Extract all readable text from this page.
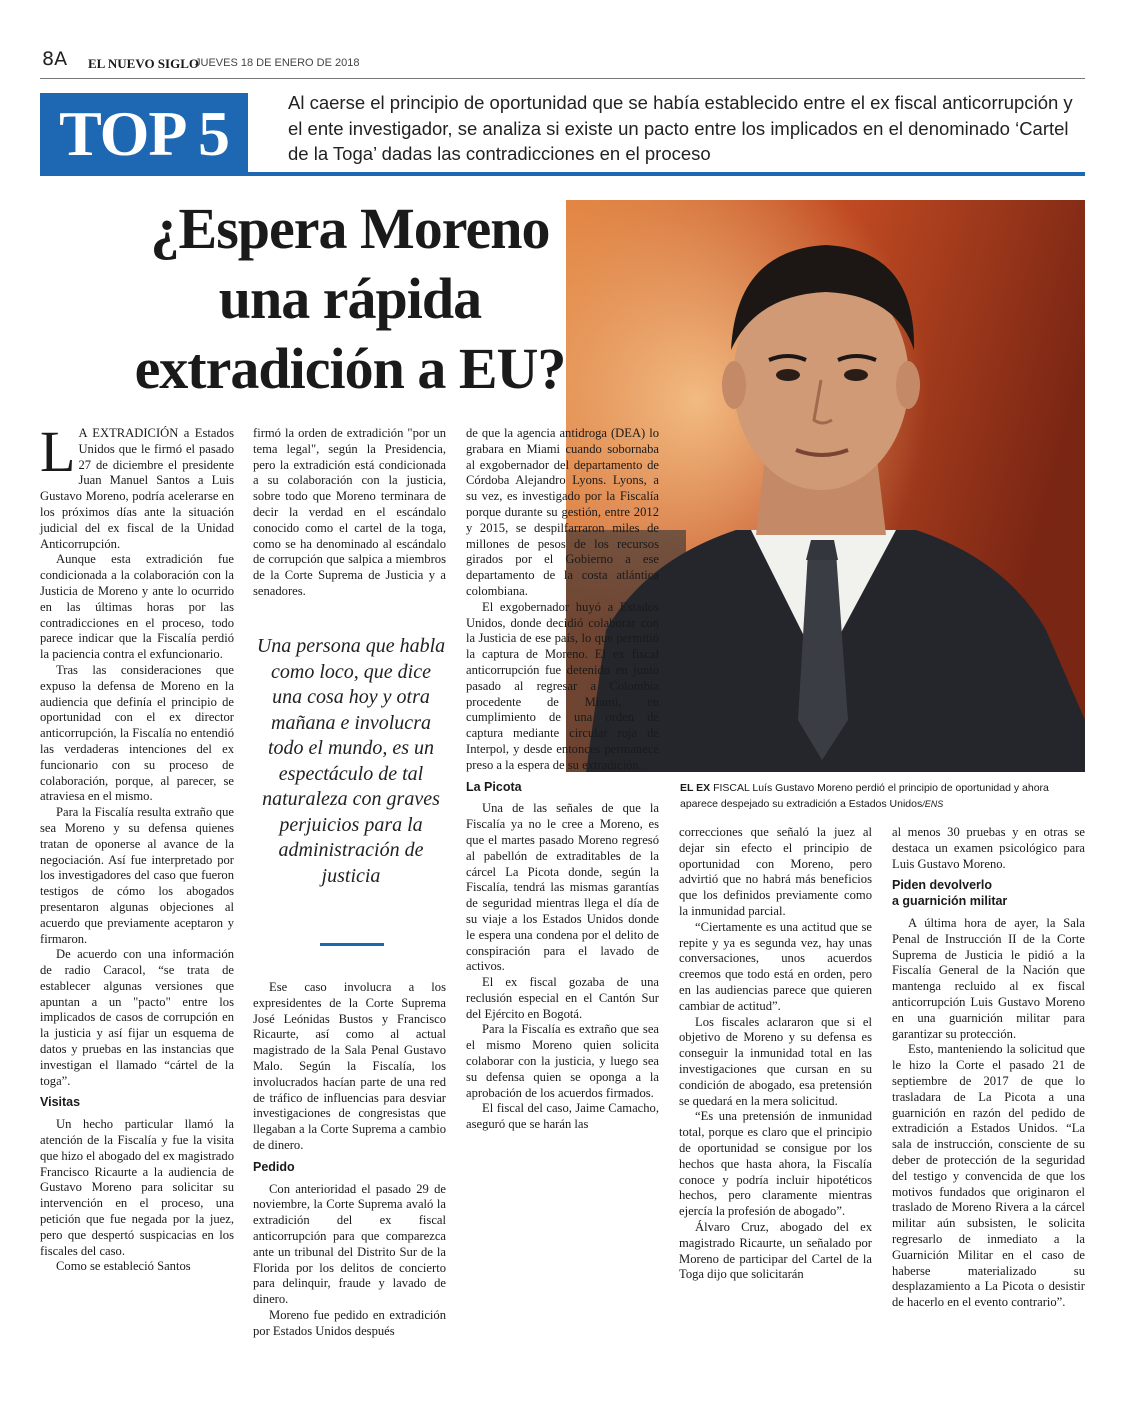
8A EL NUEVO SIGLO
JUEVES 18 DE ENERO DE 2018
TOP 5	Al caerse el principio de oportunidad que se había establecido entre el ex fiscal anticorrupción y el ente investigador, se analiza si existe un pacto entre los implicados en el denominado ‘Cartel de la Toga’ dadas las contradicciones en el proceso
¿Espera Moreno
una rápida
extradición a EU?
EL EX FISCAL Luís Gustavo Moreno perdió el principio de oportunidad y ahora aparece despejado su extradición a Estados Unidos/ENS

L A EXTRADICIÓN a Estados Unidos que le firmó el pasado 27 de diciembre el presidente Juan Manuel Santos a Luis Gustavo Moreno, podría acelerarse en los próximos días ante la situación judicial del ex fiscal de la Unidad Anticorrupción.

Aunque esta extradición fue condicionada a la colaboración con la Justicia de Moreno y ante lo ocurrido en las últimas horas por las contradicciones en el proceso, todo parece indicar que la Fiscalía perdió la paciencia contra el exfuncionario.

Tras las consideraciones que expuso la defensa de Moreno en la audiencia que definía el principio de oportunidad con el ex director anticorrupción, la Fiscalía no entendió las verdaderas intenciones del ex funcionario con su proceso de colaboración, porque, al parecer, se atraviesa en el mismo.

Para la Fiscalía resulta extraño que sea Moreno y su defensa quienes tratan de oponerse al avance de la negociación. Así fue interpretado por los investigadores del caso que fueron testigos de cómo los abogados presentaron algunas objeciones al acuerdo que previamente aceptaron y firmaron.

De acuerdo con una información de radio Caracol, “se trata de establecer algunas versiones que apuntan a un "pacto" entre los implicados de casos de corrupción en la justicia y así fijar un esquema de datos y pruebas en las instancias que investigan el llamado “cártel de la toga”.

Visitas

Un hecho particular llamó la atención de la Fiscalía y fue la visita que hizo el abogado del ex magistrado Francisco Ricaurte a la audiencia de Gustavo Moreno para solicitar su intervención en el proceso, una petición que fue negada por la juez, pero que despertó suspicacias en los fiscales del caso.

Como se estableció Santos

firmó la orden de extradición "por un tema legal", según la Presidencia, pero la extradición está condicionada a su colaboración con la justicia, sobre todo que Moreno terminara de decir la verdad en el escándalo conocido como el cartel de la toga, como se ha denominado al escándalo de corrupción que salpica a miembros de la Corte Suprema de Justicia y a senadores.

Una persona que habla como loco, que dice una cosa hoy y otra mañana e involucra todo el mundo, es un espectáculo de tal naturaleza con graves perjuicios para la administración de justicia

Ese caso involucra a los expresidentes de la Corte Suprema José Leónidas Bustos y Francisco Ricaurte, así como al actual magistrado de la Sala Penal Gustavo Malo. Según la Fiscalía, los involucrados hacían parte de una red de tráfico de influencias para desviar investigaciones de congresistas que llegaban a la Corte Suprema a cambio de dinero.

Pedido

Con anterioridad el pasado 29 de noviembre, la Corte Suprema avaló la extradición del ex fiscal anticorrupción para que comparezca ante un tribunal del Distrito Sur de la Florida por los delitos de concierto para delinquir, fraude y lavado de dinero.

Moreno fue pedido en extradición por Estados Unidos después

de que la agencia antidroga (DEA) lo grabara en Miami cuando sobornaba al exgobernador del departamento de Córdoba Alejandro Lyons. Lyons, a su vez, es investigado por la Fiscalía porque durante su gestión, entre 2012 y 2015, se despilfarraron miles de millones de pesos de los recursos girados por el Gobierno a ese departamento de la costa atlántica colombiana.

El exgobernador huyó a Estados Unidos, donde decidió colaborar con la Justicia de ese país, lo que permitió la captura de Moreno. El ex fiscal anticorrupción fue detenido en junio pasado al regresar a Colombia procedente de Miami, en cumplimiento de una orden de captura mediante circular roja de Interpol, y desde entonces permanece preso a la espera de su extradición.

La Picota

Una de las señales de que la Fiscalía ya no le cree a Moreno, es que el martes pasado Moreno regresó al pabellón de extraditables de la cárcel La Picota donde, según la Fiscalía, tendrá las mismas garantías de seguridad mientras llega el día de su viaje a los Estados Unidos donde le espera una condena por el delito de conspiración para el lavado de activos.

El ex fiscal gozaba de una reclusión especial en el Cantón Sur del Ejército en Bogotá.

Para la Fiscalía es extraño que sea el mismo Moreno quien solicita colaborar con la justicia, y luego sea su defensa quien se oponga a la aprobación de los acuerdos firmados.

El fiscal del caso, Jaime Camacho, aseguró que se harán las

correcciones que señaló la juez al dejar sin efecto el principio de oportunidad con Moreno, pero advirtió que no habrá más beneficios que los definidos previamente como la inmunidad parcial.

“Ciertamente es una actitud que se repite y ya es segunda vez, hay unas conversaciones, unos acuerdos creemos que todo está en orden, pero en las audiencias parece que quieren cambiar de actitud”.

Los fiscales aclararon que si el objetivo de Moreno y su defensa es conseguir la inmunidad total en las investigaciones que cursan en su condición de abogado, esa pretensión se quedará en la mera solicitud.

“Es una pretensión de inmunidad total, porque es claro que el principio de oportunidad se consigue por los hechos que hasta ahora, la Fiscalía conoce y podría incluir hipotéticos hechos, pero claramente mientras ejercía la profesión de abogado”.

Álvaro Cruz, abogado del ex magistrado Ricaurte, un señalado por Moreno de participar del Cartel de la Toga dijo que solicitarán

al menos 30 pruebas y en otras se destaca un examen psicológico para Luis Gustavo Moreno.

Piden devolverlo
a guarnición militar

A última hora de ayer, la Sala Penal de Instrucción II de la Corte Suprema de Justicia le pidió a la Fiscalía General de la Nación que mantenga recluido al ex fiscal anticorrupción Luis Gustavo Moreno en una guarnición militar para garantizar su protección.

Esto, manteniendo la solicitud que le hizo la Corte el pasado 21 de septiembre de 2017 de que lo trasladara de La Picota a una guarnición en razón del pedido de extradición a Estados Unidos. “La sala de instrucción, consciente de su deber de protección de la seguridad del testigo y convencida de que los motivos fundados que originaron el traslado de Moreno Rivera a la cárcel militar aún subsisten, le solicita regresarlo de inmediato a la Guarnición Militar en el caso de haberse materializado su desplazamiento a La Picota o desistir de hacerlo en el evento contrario”.
